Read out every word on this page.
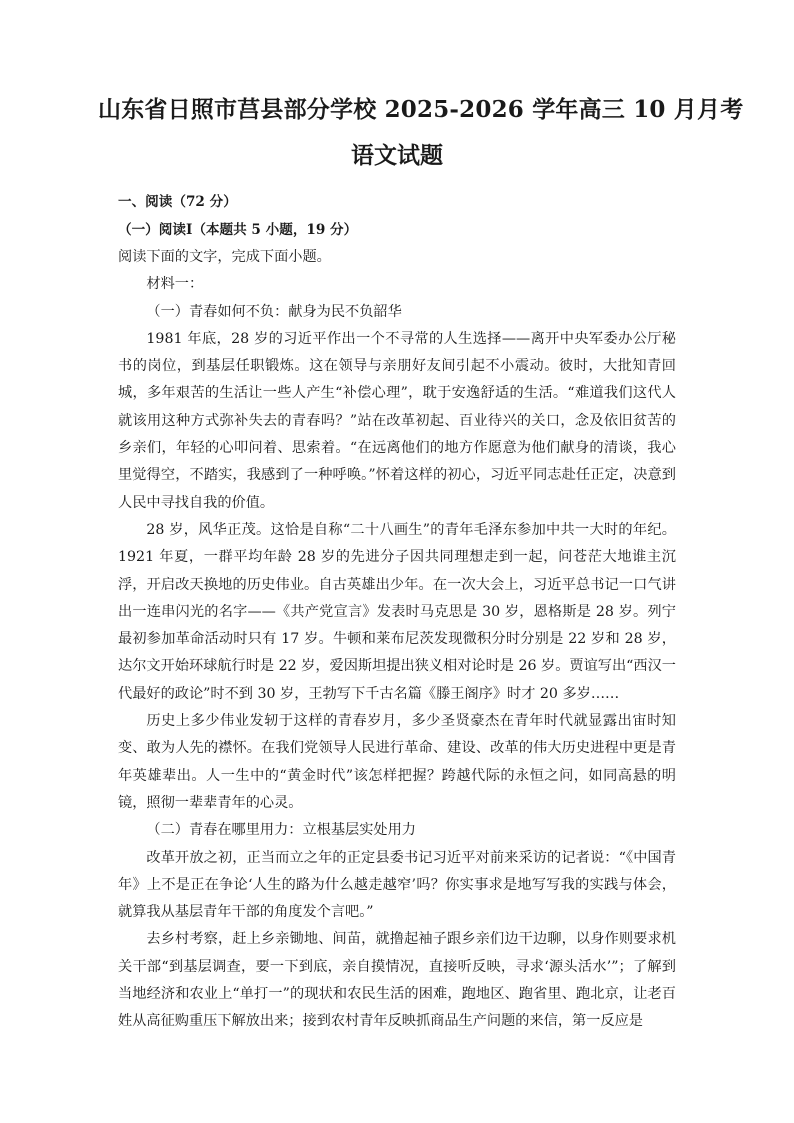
山东省日照市莒县部分学校 2025-2026 学年高三 10 月月考
语文试题

一、阅读（72 分）

（一）阅读Ⅰ（本题共 5 小题，19 分）

阅读下面的文字，完成下面小题。

材料一：

（一）青春如何不负：献身为民不负韶华

1981 年底，28 岁的习近平作出一个不寻常的人生选择——离开中央军委办公厅秘书的岗位，到基层任职锻炼。这在领导与亲朋好友间引起不小震动。彼时，大批知青回城，多年艰苦的生活让一些人产生“补偿心理”，耽于安逸舒适的生活。“难道我们这代人就该用这种方式弥补失去的青春吗？”站在改革初起、百业待兴的关口，念及依旧贫苦的乡亲们，年轻的心叩问着、思索着。“在远离他们的地方作愿意为他们献身的清谈，我心里觉得空，不踏实，我感到了一种呼唤。”怀着这样的初心，习近平同志赴任正定，决意到人民中寻找自我的价值。

28 岁，风华正茂。这恰是自称“二十八画生”的青年毛泽东参加中共一大时的年纪。1921 年夏，一群平均年龄 28 岁的先进分子因共同理想走到一起，问苍茫大地谁主沉浮，开启改天换地的历史伟业。自古英雄出少年。在一次大会上，习近平总书记一口气讲出一连串闪光的名字——《共产党宣言》发表时马克思是 30 岁，恩格斯是 28 岁。列宁最初参加革命活动时只有 17 岁。牛顿和莱布尼茨发现微积分时分别是 22 岁和 28 岁，达尔文开始环球航行时是 22 岁，爱因斯坦提出狭义相对论时是 26 岁。贾谊写出“西汉一代最好的政论”时不到 30 岁，王勃写下千古名篇《滕王阁序》时才 20 多岁……

历史上多少伟业发轫于这样的青春岁月，多少圣贤豪杰在青年时代就显露出宙时知变、敢为人先的襟怀。在我们党领导人民进行革命、建设、改革的伟大历史进程中更是青年英雄辈出。人一生中的“黄金时代”该怎样把握？跨越代际的永恒之问，如同高悬的明镜，照彻一辈辈青年的心灵。

（二）青春在哪里用力：立根基层实处用力

改革开放之初，正当而立之年的正定县委书记习近平对前来采访的记者说：“《中国青年》上不是正在争论‘人生的路为什么越走越窄’吗？你实事求是地写写我的实践与体会，就算我从基层青年干部的角度发个言吧。”

去乡村考察，赶上乡亲锄地、间苗，就撸起袖子跟乡亲们边干边聊，以身作则要求机关干部“到基层调查，要一下到底，亲自摸情况，直接听反映，寻求‘源头活水’”；了解到当地经济和农业上“单打一”的现状和农民生活的困难，跑地区、跑省里、跑北京，让老百姓从高征购重压下解放出来；接到农村青年反映抓商品生产问题的来信，第一反应是
